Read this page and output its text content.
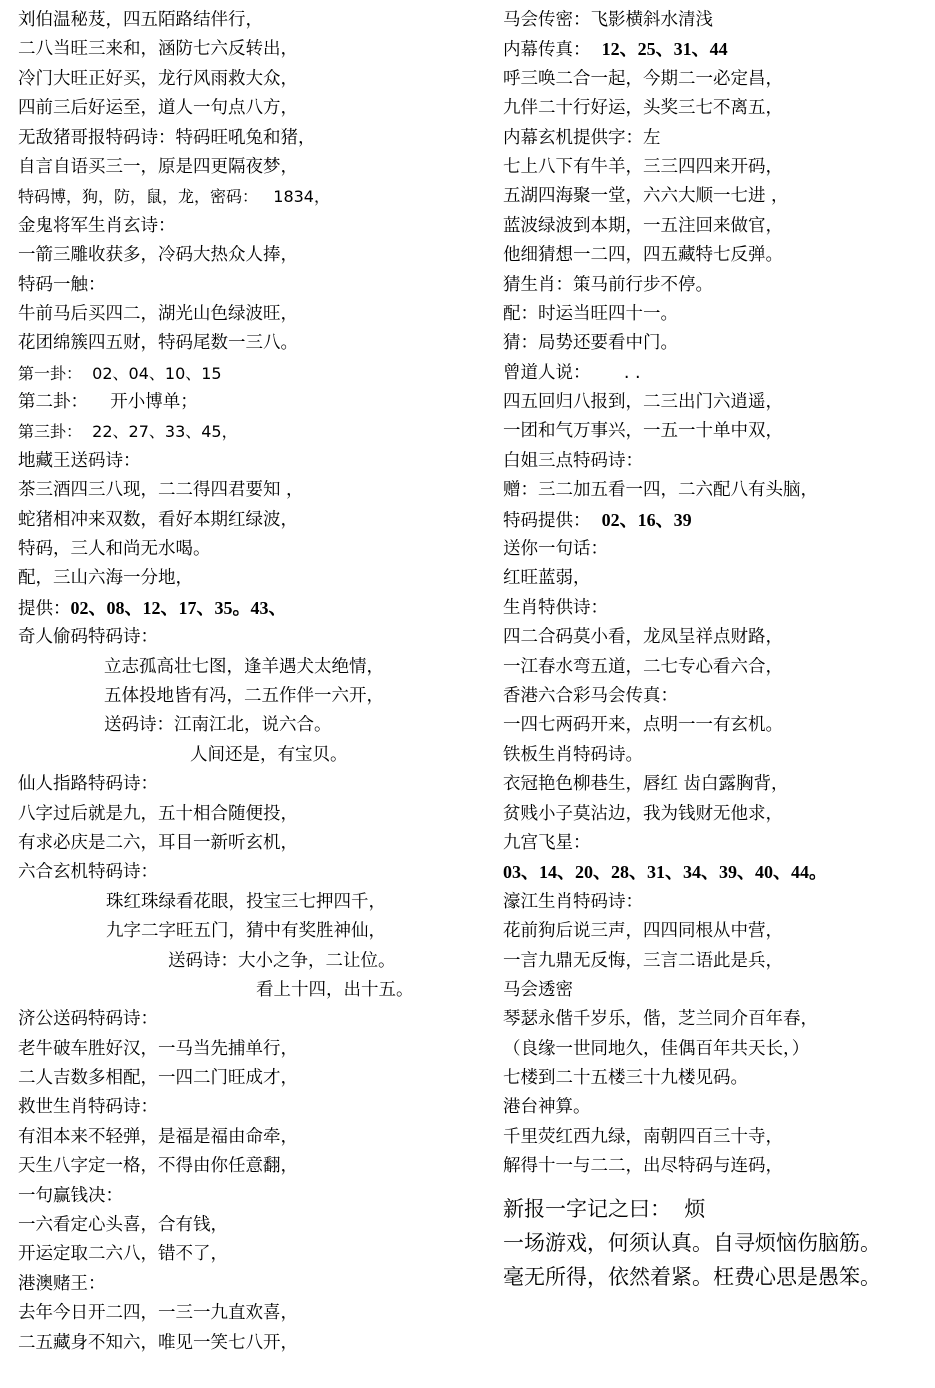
刘伯温秘芨，四五陌路结伴行，
二八当旺三来和，涵防七六反转出，
冷门大旺正好买，龙行风雨救大众，
四前三后好运至，道人一句点八方，
无敌猪哥报特码诗：特码旺吼兔和猪，
自言自语买三一，原是四更隔夜梦，
特码博，狗，防，鼠，龙，密码：   1834，
金鬼将军生肖玄诗：
一箭三雕收获多，冷码大热众人捧，
特码一触：
牛前马后买四二，湖光山色绿波旺，
花团绵簇四五财，特码尾数一三八。
第一卦：  02、04、10、15
第二卦：    开小博单；
第三卦：  22、27、33、45，
地藏王送码诗：
茶三酒四三八现，二二得四君要知 ，
蛇猪相冲来双数，看好本期红绿波，
特码，三人和尚无水喝。
配，三山六海一分地，
提供：02、08、12、17、35。43、
奇人偷码特码诗：
立志孤高壮七图，逢羊遇犬太绝情，
五体投地皆有冯，二五作伴一六开，
送码诗：江南江北，说六合。
人间还是，有宝贝。
仙人指路特码诗：
八字过后就是九，五十相合随便投，
有求必庆是二六，耳目一新听玄机，
六合玄机特码诗：
珠红珠绿看花眼，投宝三七押四千，
九字二字旺五门，猜中有奖胜神仙，
送码诗：大小之争，二让位。
看上十四，出十五。
济公送码特码诗：
老牛破车胜好汉，一马当先捕单行，
二人吉数多相配，一四二门旺成才，
救世生肖特码诗：
有泪本来不轻弹，是福是福由命牵，
天生八字定一格，不得由你任意翻，
一句赢钱决：
一六看定心头喜，合有钱，
开运定取二六八，错不了，
港澳赌王：
去年今日开二四，一三一九直欢喜，
二五藏身不知六，唯见一笑七八开，
马会传密：飞影横斜水清浅
内幕传真：  12、25、31、44
呼三唤二合一起，今期二一必定昌，
九伴二十行好运，头奖三七不离五，
内幕玄机提供字：左
七上八下有牛羊，三三四四来开码，
五湖四海聚一堂，六六大顺一七进 ，
蓝波绿波到本期，一五注回来做官，
他细猜想一二四，四五藏特七反弹。
猜生肖：策马前行步不停。
配：时运当旺四十一。
猜：局势还要看中门。
曾道人说：      . .
四五回归八报到，二三出门六逍遥，
一团和气万事兴，一五一十单中双，
白姐三点特码诗：
赠：三二加五看一四，二六配八有头脑，
特码提供：  02、16、39
送你一句话：
红旺蓝弱，
生肖特供诗：
四二合码莫小看，龙凤呈祥点财路，
一江春水弯五道，二七专心看六合，
香港六合彩马会传真：
一四七两码开来，点明一一有玄机。
铁板生肖特码诗。
衣冠艳色柳巷生，唇红 齿白露胸背，
贫贱小子莫沾边，我为钱财无他求，
九宫飞星：
03、14、20、28、31、34、39、40、44。
濠江生肖特码诗：
花前狗后说三声，四四同根从中营，
一言九鼎无反悔，三言二语此是兵，
马会透密
琴瑟永偕千岁乐，偕，芝兰同介百年春，
（良缘一世同地久，佳偶百年共天长，）
七楼到二十五楼三十九楼见码。
港台神算。
千里荧红西九绿，南朝四百三十寺，
解得十一与二二，出尽特码与连码，
新报一字记之曰：  烦
一场游戏，何须认真。自寻烦恼伤脑筋。
毫无所得，依然着紧。枉费心思是愚笨。
